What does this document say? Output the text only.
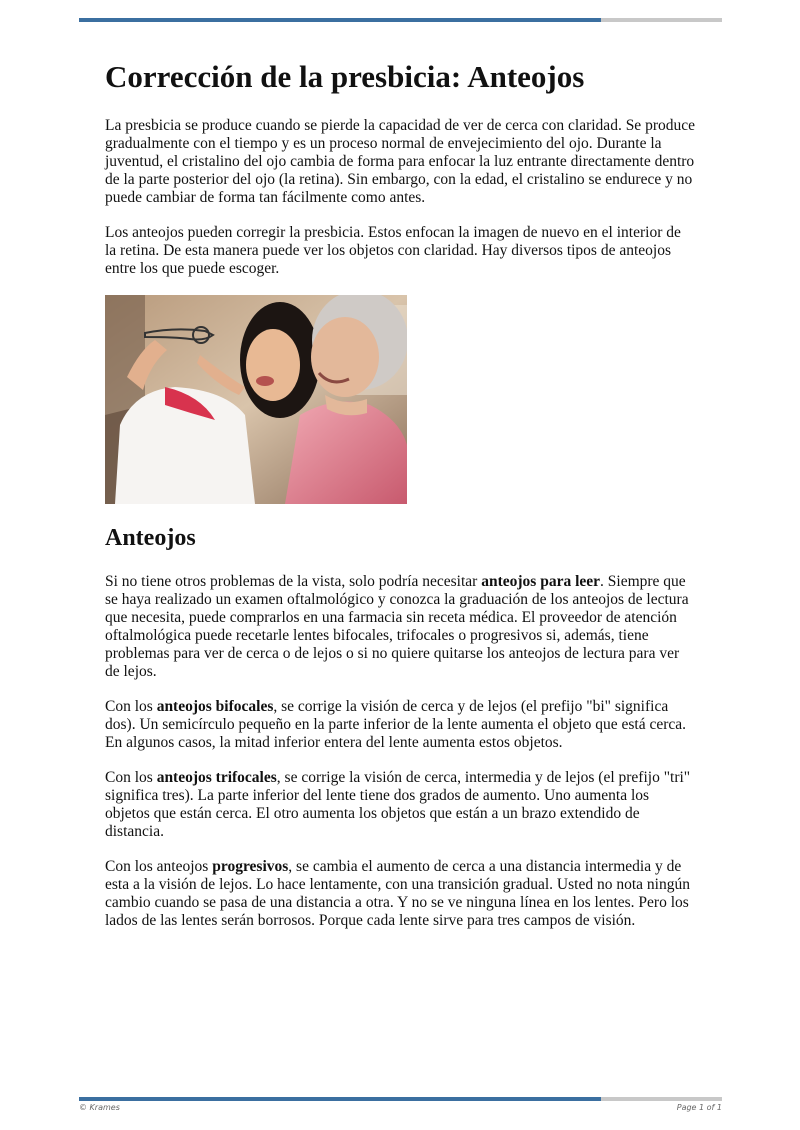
Corrección de la presbicia: Anteojos

La presbicia se produce cuando se pierde la capacidad de ver de cerca con claridad. Se produce gradualmente con el tiempo y es un proceso normal de envejecimiento del ojo. Durante la juventud, el cristalino del ojo cambia de forma para enfocar la luz entrante directamente dentro de la parte posterior del ojo (la retina). Sin embargo, con la edad, el cristalino se endurece y no puede cambiar de forma tan fácilmente como antes.

Los anteojos pueden corregir la presbicia. Estos enfocan la imagen de nuevo en el interior de la retina. De esta manera puede ver los objetos con claridad. Hay diversos tipos de anteojos entre los que puede escoger.

Anteojos

Si no tiene otros problemas de la vista, solo podría necesitar anteojos para leer. Siempre que se haya realizado un examen oftalmológico y conozca la graduación de los anteojos de lectura que necesita, puede comprarlos en una farmacia sin receta médica. El proveedor de atención oftalmológica puede recetarle lentes bifocales, trifocales o progresivos si, además, tiene problemas para ver de cerca o de lejos o si no quiere quitarse los anteojos de lectura para ver de lejos.

Con los anteojos bifocales, se corrige la visión de cerca y de lejos (el prefijo "bi" significa dos). Un semicírculo pequeño en la parte inferior de la lente aumenta el objeto que está cerca. En algunos casos, la mitad inferior entera del lente aumenta estos objetos.

Con los anteojos trifocales, se corrige la visión de cerca, intermedia y de lejos (el prefijo "tri" significa tres). La parte inferior del lente tiene dos grados de aumento. Uno aumenta los objetos que están cerca. El otro aumenta los objetos que están a un brazo extendido de distancia.

Con los anteojos progresivos, se cambia el aumento de cerca a una distancia intermedia y de esta a la visión de lejos. Lo hace lentamente, con una transición gradual. Usted no nota ningún cambio cuando se pasa de una distancia a otra. Y no se ve ninguna línea en los lentes. Pero los lados de las lentes serán borrosos. Porque cada lente sirve para tres campos de visión.

© Krames	Page 1 of 1
